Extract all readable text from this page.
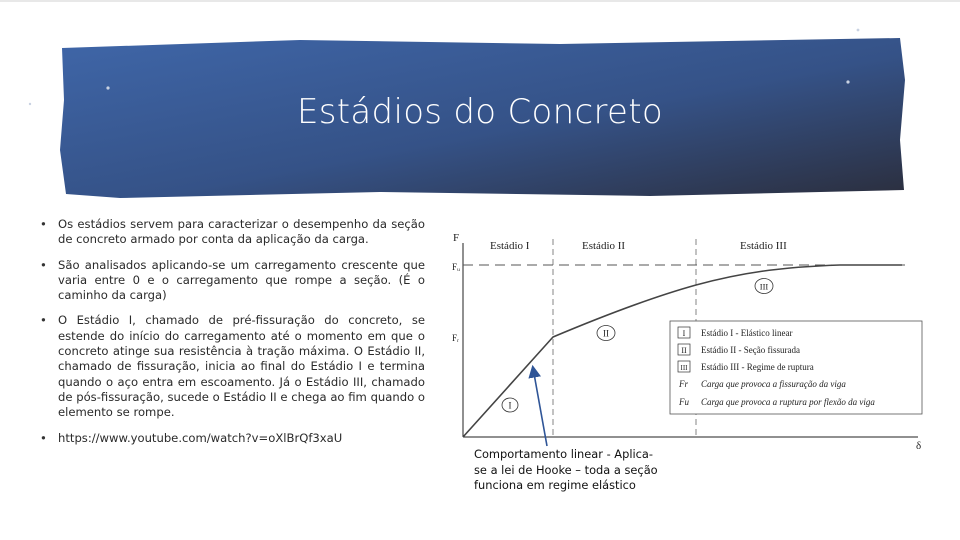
Estádios do Concreto
• Os estádios servem para caracterizar o desempenho da seção de concreto armado por conta da aplicação da carga.
• São analisados aplicando-se um carregamento crescente que varia entre 0 e o carregamento que rompe a seção. (É o caminho da carga)
• O Estádio I, chamado de pré-fissuração do concreto, se estende do início do carregamento até o momento em que o concreto atinge sua resistência à tração máxima. O Estádio II, chamado de fissuração, inicia ao final do Estádio I e termina quando o aço entra em escoamento. Já o Estádio III, chamado de pós-fissuração, sucede o Estádio II e chega ao fim quando o elemento se rompe.
• https://www.youtube.com/watch?v=oXlBrQf3xaU
F
δ
Fᵤ
Fᵣ
Estádio I	Estádio II	Estádio III
I
II
III
I Estádio I - Elástico linear
II Estádio II - Seção fissurada
III Estádio III - Regime de ruptura
Fr Carga que provoca a fissuração da viga
Fu Carga que provoca a ruptura por flexão da viga
Comportamento linear - Aplica-se a lei de Hooke – toda a seção funciona em regime elástico
